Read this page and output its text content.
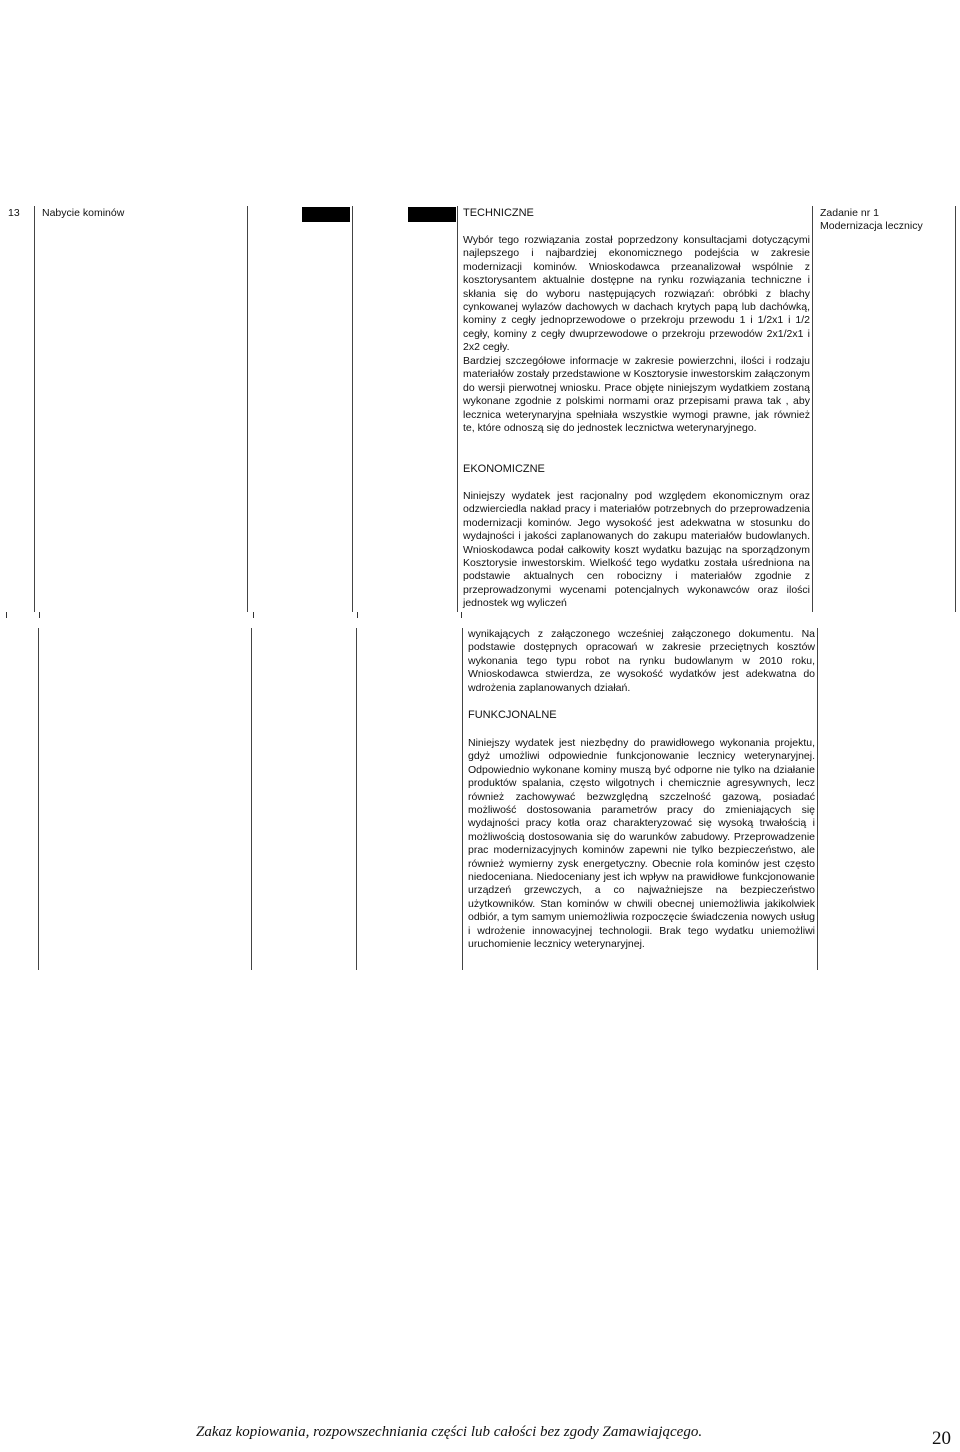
13 Nabycie kominów	Zadanie nr 1
Modernizacja lecznicy
TECHNICZNE
Wybór tego rozwiązania został poprzedzony konsultacjami dotyczącymi najlepszego i najbardziej ekonomicznego podejścia w zakresie modernizacji kominów. Wnioskodawca przeanalizował wspólnie z kosztorysantem aktualnie dostępne na rynku rozwiązania techniczne i skłania się do wyboru następujących rozwiązań: obróbki z blachy cynkowanej wylazów dachowych w dachach krytych papą lub dachówką, kominy z cegły jednoprzewodowe o przekroju przewodu 1 i 1/2x1 i 1/2 cegły, kominy z cegły dwuprzewodowe o przekroju przewodów 2x1/2x1 i 2x2 cegły.
Bardziej szczegółowe informacje w zakresie powierzchni, ilości i rodzaju materiałów zostały przedstawione w Kosztorysie inwestorskim załączonym do wersji pierwotnej wniosku. Prace objęte niniejszym wydatkiem zostaną wykonane zgodnie z polskimi normami oraz przepisami prawa tak , aby lecznica weterynaryjna spełniała wszystkie wymogi prawne, jak również te, które odnoszą się do jednostek lecznictwa weterynaryjnego.
EKONOMICZNE
Niniejszy wydatek jest racjonalny pod względem ekonomicznym oraz odzwierciedla nakład pracy i materiałów potrzebnych do przeprowadzenia modernizacji kominów. Jego wysokość jest adekwatna w stosunku do wydajności i jakości zaplanowanych do zakupu materiałów budowlanych. Wnioskodawca podał całkowity koszt wydatku bazując na sporządzonym Kosztorysie inwestorskim. Wielkość tego wydatku została uśredniona na podstawie aktualnych cen robocizny i materiałów zgodnie z przeprowadzonymi wycenami potencjalnych wykonawców oraz ilości jednostek wg wyliczeń
wynikających z załączonego wcześniej załączonego dokumentu. Na podstawie dostępnych opracowań w zakresie przeciętnych kosztów wykonania tego typu robot na rynku budowlanym w 2010 roku, Wnioskodawca stwierdza, ze wysokość wydatków jest adekwatna do wdrożenia zaplanowanych działań.
FUNKCJONALNE
Niniejszy wydatek jest niezbędny do prawidłowego wykonania projektu, gdyż umożliwi odpowiednie funkcjonowanie lecznicy weterynaryjnej. Odpowiednio wykonane kominy muszą być odporne nie tylko na działanie produktów spalania, często wilgotnych i chemicznie agresywnych, lecz również zachowywać bezwzględną szczelność gazową, posiadać możliwość dostosowania parametrów pracy do zmieniających się wydajności pracy kotła oraz charakteryzować się wysoką trwałością i możliwością dostosowania się do warunków zabudowy. Przeprowadzenie prac modernizacyjnych kominów zapewni nie tylko bezpieczeństwo, ale również wymierny zysk energetyczny. Obecnie rola kominów jest często niedoceniana. Niedoceniany jest ich wpływ na prawidłowe funkcjonowanie urządzeń grzewczych, a co najważniejsze na bezpieczeństwo użytkowników. Stan kominów w chwili obecnej uniemożliwia jakikolwiek odbiór, a tym samym uniemożliwia rozpoczęcie świadczenia nowych usług i wdrożenie innowacyjnej technologii. Brak tego wydatku uniemożliwi uruchomienie lecznicy weterynaryjnej.
Zakaz kopiowania, rozpowszechniania części lub całości bez zgody Zamawiającego.	20
